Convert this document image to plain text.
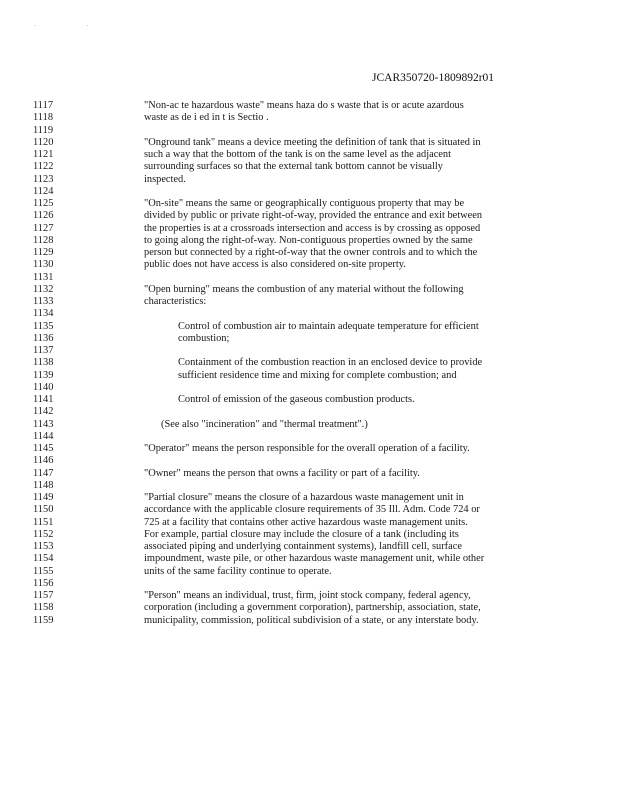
· ·
JCAR350720-1809892r01
1117	"Non-ac te hazardous waste" means haza do s waste that is or acute azardous
1118	waste as de i ed in t is Sectio .
1119
1120	"Onground tank" means a device meeting the definition of tank that is situated in
1121	such a way that the bottom of the tank is on the same level as the adjacent
1122	surrounding surfaces so that the external tank bottom cannot be visually
1123	inspected.
1124
1125	"On-site" means the same or geographically contiguous property that may be
1126	divided by public or private right-of-way, provided the entrance and exit between
1127	the properties is at a crossroads intersection and access is by crossing as opposed
1128	to going along the right-of-way. Non-contiguous properties owned by the same
1129	person but connected by a right-of-way that the owner controls and to which the
1130	public does not have access is also considered on-site property.
1131
1132	"Open burning" means the combustion of any material without the following
1133	characteristics:
1134
1135	Control of combustion air to maintain adequate temperature for efficient
1136	combustion;
1137
1138	Containment of the combustion reaction in an enclosed device to provide
1139	sufficient residence time and mixing for complete combustion; and
1140
1141	Control of emission of the gaseous combustion products.
1142
1143	(See also "incineration" and "thermal treatment".)
1144
1145	"Operator" means the person responsible for the overall operation of a facility.
1146
1147	"Owner" means the person that owns a facility or part of a facility.
1148
1149	"Partial closure" means the closure of a hazardous waste management unit in
1150	accordance with the applicable closure requirements of 35 Ill. Adm. Code 724 or
1151	725 at a facility that contains other active hazardous waste management units.
1152	For example, partial closure may include the closure of a tank (including its
1153	associated piping and underlying containment systems), landfill cell, surface
1154	impoundment, waste pile, or other hazardous waste management unit, while other
1155	units of the same facility continue to operate.
1156
1157	"Person" means an individual, trust, firm, joint stock company, federal agency,
1158	corporation (including a government corporation), partnership, association, state,
1159	municipality, commission, political subdivision of a state, or any interstate body.
